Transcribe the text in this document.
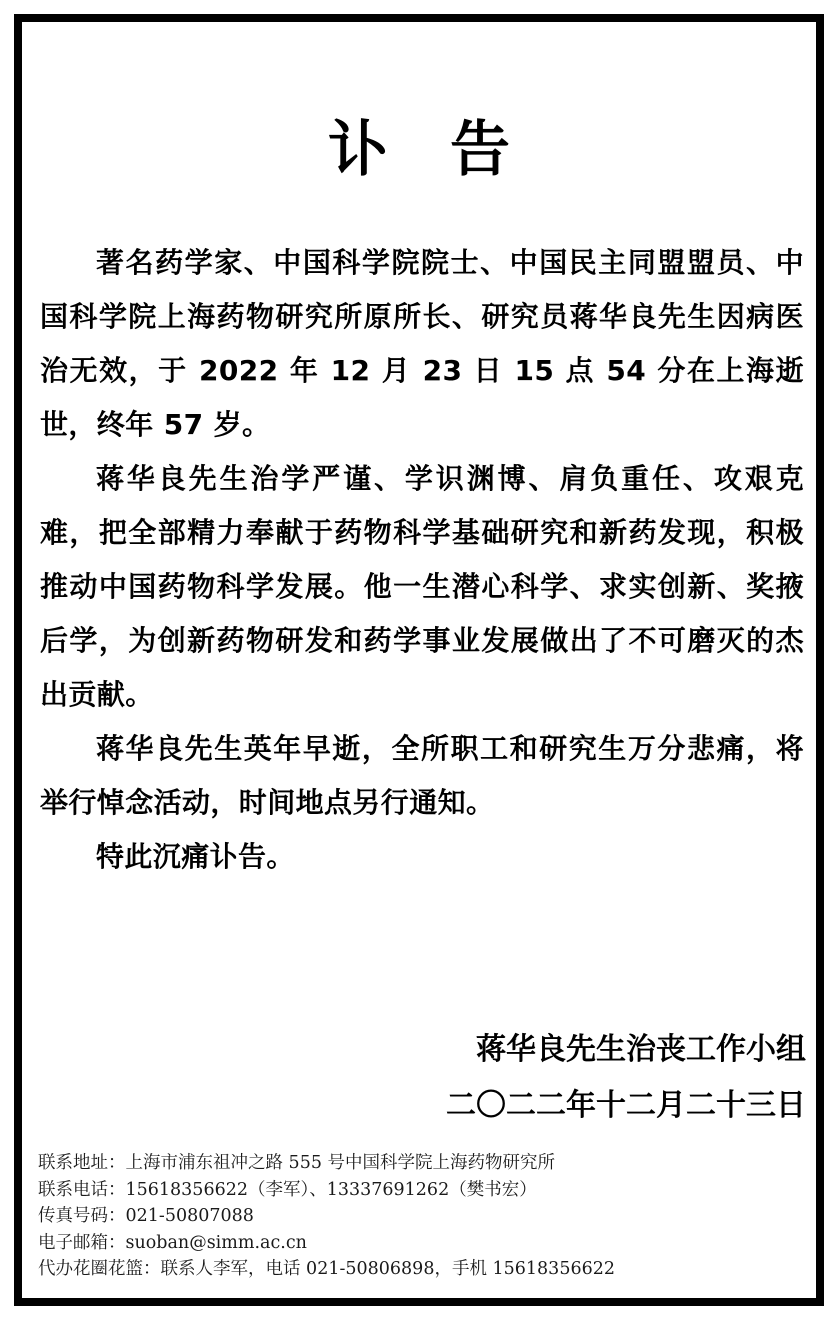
讣告

著名药学家、中国科学院院士、中国民主同盟盟员、中国科学院上海药物研究所原所长、研究员蒋华良先生因病医治无效，于 2022 年 12 月 23 日 15 点 54 分在上海逝世，终年 57 岁。

蒋华良先生治学严谨、学识渊博、肩负重任、攻艰克难，把全部精力奉献于药物科学基础研究和新药发现，积极推动中国药物科学发展。他一生潜心科学、求实创新、奖掖后学，为创新药物研发和药学事业发展做出了不可磨灭的杰出贡献。

蒋华良先生英年早逝，全所职工和研究生万分悲痛，将举行悼念活动，时间地点另行通知。

特此沉痛讣告。

蒋华良先生治丧工作小组
二〇二二年十二月二十三日
联系地址：上海市浦东祖冲之路 555 号中国科学院上海药物研究所
联系电话：15618356622（李军）、13337691262（樊书宏）
传真号码：021-50807088
电子邮箱：suoban@simm.ac.cn
代办花圈花篮：联系人李军，电话 021-50806898，手机 15618356622
